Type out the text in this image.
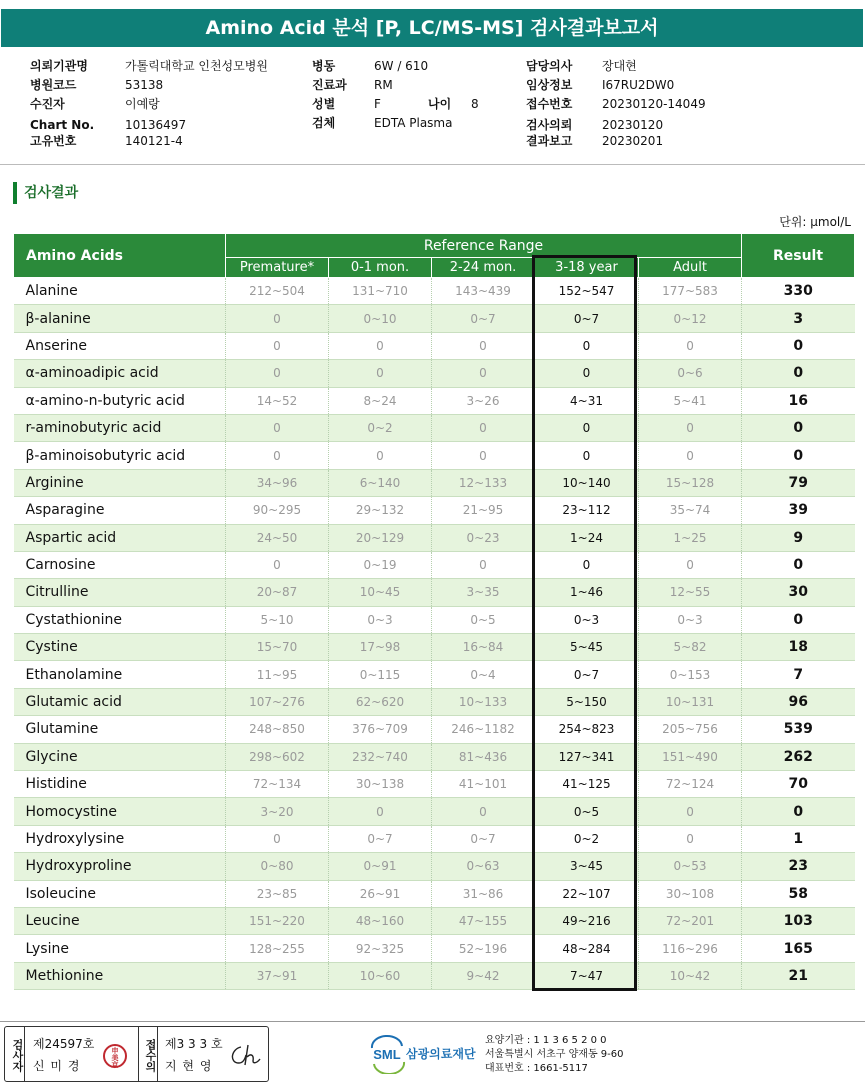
Amino Acid 분석 [P, LC/MS-MS] 검사결과보고서
의뢰기관명	가톨릭대학교 인천성모병원
병원코드	53138
수진자	이예랑
Chart No.	10136497
고유번호	140121-4
병동	6W / 610
진료과 RM
성별	F	나이 8
검체	EDTA Plasma
담당의사 장대현
임상정보 I67RU2DW0
접수번호 20230120-14049
검사의뢰 20230120
결과보고 20230201
검사결과
단위: μmol/L
Amino Acids	Reference Range					Result
	Premature*	0-1 mon.	2-24 mon.	3-18 year	Adult	
Alanine	212~504	131~710	143~439	152~547	177~583	330
β-alanine	0	0~10	0~7	0~7	0~12	3
Anserine	0	0	0	0	0	0
α-aminoadipic acid	0	0	0	0	0~6	0
α-amino-n-butyric acid	14~52	8~24	3~26	4~31	5~41	16
r-aminobutyric acid	0	0~2	0	0	0	0
β-aminoisobutyric acid	0	0	0	0	0	0
Arginine	34~96	6~140	12~133	10~140	15~128	79
Asparagine	90~295	29~132	21~95	23~112	35~74	39
Aspartic acid	24~50	20~129	0~23	1~24	1~25	9
Carnosine	0	0~19	0	0	0	0
Citrulline	20~87	10~45	3~35	1~46	12~55	30
Cystathionine	5~10	0~3	0~5	0~3	0~3	0
Cystine	15~70	17~98	16~84	5~45	5~82	18
Ethanolamine	11~95	0~115	0~4	0~7	0~153	7
Glutamic acid	107~276	62~620	10~133	5~150	10~131	96
Glutamine	248~850	376~709	246~1182	254~823	205~756	539
Glycine	298~602	232~740	81~436	127~341	151~490	262
Histidine	72~134	30~138	41~101	41~125	72~124	70
Homocystine	3~20	0	0	0~5	0	0
Hydroxylysine	0	0~7	0~7	0~2	0	1
Hydroxyproline	0~80	0~91	0~63	3~45	0~53	23
Isoleucine	23~85	26~91	31~86	22~107	30~108	58
Leucine	151~220	48~160	47~155	49~216	72~201	103
Lysine	128~255	92~325	52~196	48~284	116~296	165
Methionine	37~91	10~60	9~42	7~47	10~42	21
검사자 제24597호
신 미 경
申
美
京	접수의 제3 3 3 호
지 현 영
SML 삼광의료재단
요양기관 : 1 1 3 6 5 2 0 0
서울특별시 서초구 양재동 9-60
대표번호 : 1661-5117
